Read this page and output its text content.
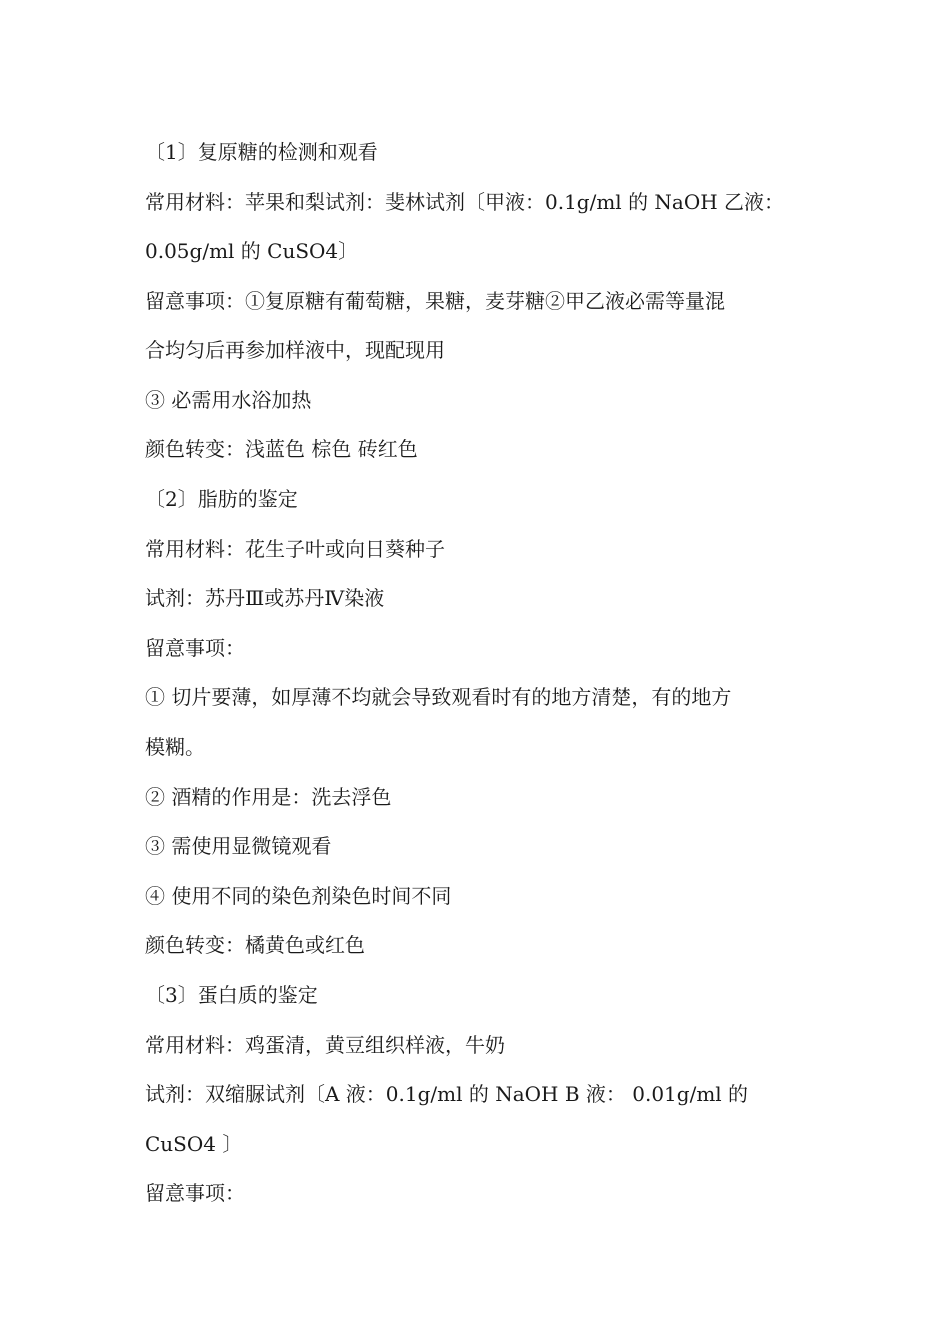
〔1〕复原糖的检测和观看
常用材料：苹果和梨试剂：斐林试剂〔甲液：0.1g/ml 的 NaOH 乙液：
0.05g/ml 的 CuSO4〕
留意事项：①复原糖有葡萄糖，果糖，麦芽糖②甲乙液必需等量混
合均匀后再参加样液中，现配现用
③ 必需用水浴加热
颜色转变：浅蓝色 棕色 砖红色
〔2〕脂肪的鉴定
常用材料：花生子叶或向日葵种子
试剂：苏丹Ⅲ或苏丹Ⅳ染液
留意事项：
① 切片要薄，如厚薄不均就会导致观看时有的地方清楚，有的地方
模糊。
② 酒精的作用是：洗去浮色
③ 需使用显微镜观看
④ 使用不同的染色剂染色时间不同
颜色转变：橘黄色或红色
〔3〕蛋白质的鉴定
常用材料：鸡蛋清，黄豆组织样液，牛奶
试剂：双缩脲试剂〔A 液：0.1g/ml 的 NaOH B 液： 0.01g/ml 的
CuSO4 〕
留意事项：
